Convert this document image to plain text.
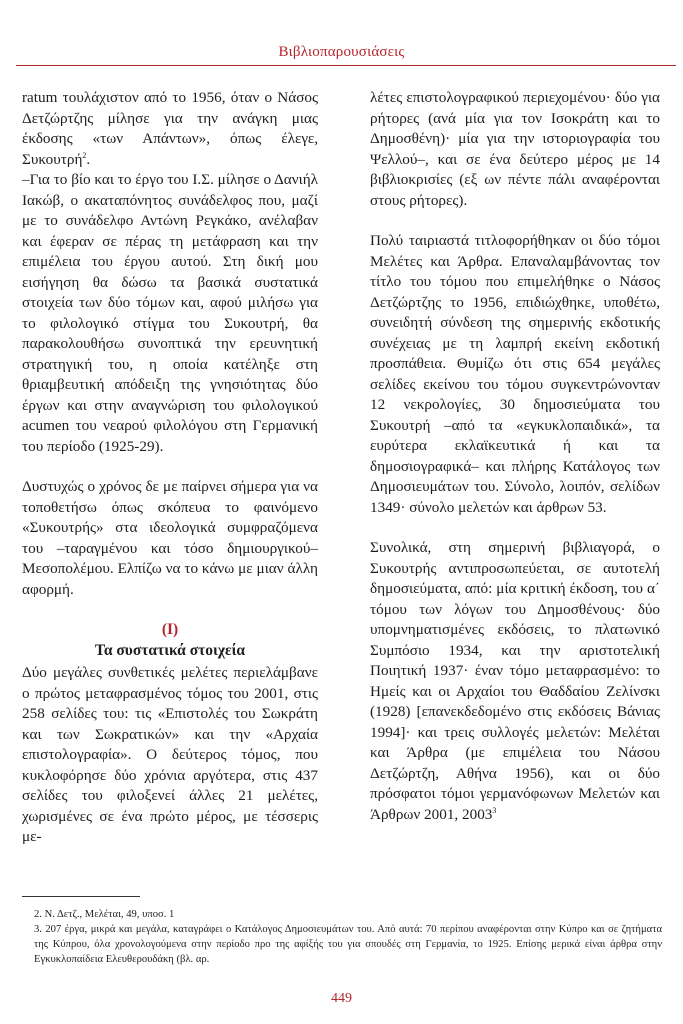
Βιβλιοπαρουσιάσεις

ratum τουλάχιστον από το 1956, όταν ο Νάσος Δετζώρτζης μίλησε για την ανάγκη μιας έκδοσης «των Απάντων», όπως έλεγε, Συκουτρή$^2$.

–Για το βίο και το έργο του Ι.Σ. μίλησε ο Δανιήλ Ιακώβ, ο ακαταπόνητος συνάδελφος που, μαζί με το συνάδελφο Αντώνη Ρεγκάκο, ανέλαβαν και έφεραν σε πέρας τη μετάφραση και την επιμέλεια του έργου αυτού. Στη δική μου εισήγηση θα δώσω τα βασικά συστατικά στοιχεία των δύο τόμων και, αφού μιλήσω για το φιλολογικό στίγμα του Συκουτρή, θα παρακολουθήσω συνοπτικά την ερευνητική στρατηγική του, η οποία κατέληξε στη θριαμβευτική απόδειξη της γνησιότητας δύο έργων και στην αναγνώριση του φιλολογικού acumen του νεαρού φιλολόγου στη Γερμανική του περίοδο (1925-29).

Δυστυχώς ο χρόνος δε με παίρνει σήμερα για να τοποθετήσω όπως σκόπευα το φαινόμενο «Συκουτρής» στα ιδεολογικά συμφραζόμενα του –ταραγμένου και τόσο δημιουργικού– Μεσοπολέμου. Ελπίζω να το κάνω με μιαν άλλη αφορμή.

(I)
Τα συστατικά στοιχεία

Δύο μεγάλες συνθετικές μελέτες περιελάμβανε ο πρώτος μεταφρασμένος τόμος του 2001, στις 258 σελίδες του: τις «Επιστολές του Σωκράτη και των Σωκρατικών» και την «Αρχαία επιστολογραφία». Ο δεύτερος τόμος, που κυκλοφόρησε δύο χρόνια αργότερα, στις 437 σελίδες του φιλοξενεί άλλες 21 μελέτες, χωρισμένες σε ένα πρώτο μέρος, με τέσσερις με-

λέτες επιστολογραφικού περιεχομένου· δύο για ρήτορες (ανά μία για τον Ισοκράτη και το Δημοσθένη)· μία για την ιστοριογραφία του Ψελλού–, και σε ένα δεύτερο μέρος με 14 βιβλιοκρισίες (εξ ων πέντε πάλι αναφέρονται στους ρήτορες).

Πολύ ταιριαστά τιτλοφορήθηκαν οι δύο τόμοι Μελέτες και Άρθρα. Επαναλαμβάνοντας τον τίτλο του τόμου που επιμελήθηκε ο Νάσος Δετζώρτζης το 1956, επιδιώχθηκε, υποθέτω, συνειδητή σύνδεση της σημερινής εκδοτικής συνέχειας με τη λαμπρή εκείνη εκδοτική προσπάθεια. Θυμίζω ότι στις 654 μεγάλες σελίδες εκείνου του τόμου συγκεντρώνονταν 12 νεκρολογίες, 30 δημοσιεύματα του Συκουτρή –από τα «εγκυκλοπαιδικά», τα ευρύτερα εκλαϊκευτικά ή και τα δημοσιογραφικά– και πλήρης Κατάλογος των Δημοσιευμάτων του. Σύνολο, λοιπόν, σελίδων 1349· σύνολο μελετών και άρθρων 53.

Συνολικά, στη σημερινή βιβλιαγορά, ο Συκουτρής αντιπροσωπεύεται, σε αυτοτελή δημοσιεύματα, από: μία κριτική έκδοση, του α΄ τόμου των λόγων του Δημοσθένους· δύο υπομνηματισμένες εκδόσεις, το πλατωνικό Συμπόσιο 1934, και την αριστοτελική Ποιητική 1937· έναν τόμο μεταφρασμένο: το Ημείς και οι Αρχαίοι του Θαδδαίου Ζελίνσκι (1928) [επανεκδεδομένο στις εκδόσεις Βάνιας 1994]· και τρεις συλλογές μελετών: Μελέται και Άρθρα (με επιμέλεια του Νάσου Δετζώρτζη, Αθήνα 1956), και οι δύο πρόσφατοι τόμοι γερμανόφωνων Μελετών και Άρθρων 2001, 2003$^3$

2. Ν. Δετζ., Μελέται, 49, υποσ. 1

3. 207 έργα, μικρά και μεγάλα, καταγράφει ο Κατάλογος Δημοσιευμάτων του. Από αυτά: 70 περίπου αναφέρονται στην Κύπρο και σε ζητήματα της Κύπρου, όλα χρονολογούμενα στην περίοδο προ της αφίξής του για σπουδές στη Γερμανία, το 1925. Επίσης μερικά είναι άρθρα στην Εγκυκλοπαίδεια Ελευθερουδάκη (βλ. αρ.

449
